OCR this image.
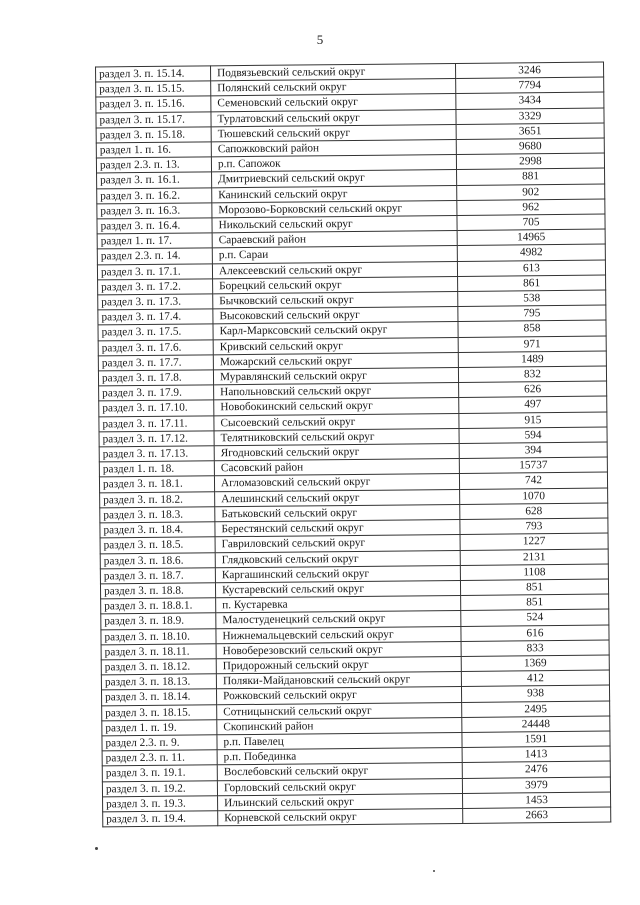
5
раздел 3. п. 15.14.	Подвязьевский сельский округ	3246
раздел 3. п. 15.15.	Полянский сельский округ	7794
раздел 3. п. 15.16.	Семеновский сельский округ	3434
раздел 3. п. 15.17.	Турлатовский сельский округ	3329
раздел 3. п. 15.18.	Тюшевский сельский округ	3651
раздел 1. п. 16.	Сапожковский район	9680
раздел 2.3. п. 13.	р.п. Сапожок	2998
раздел 3. п. 16.1.	Дмитриевский сельский округ	881
раздел 3. п. 16.2.	Канинский сельский округ	902
раздел 3. п. 16.3.	Морозово-Борковский сельский округ	962
раздел 3. п. 16.4.	Никольский сельский округ	705
раздел 1. п. 17.	Сараевский район	14965
раздел 2.3. п. 14.	р.п. Сараи	4982
раздел 3. п. 17.1.	Алексеевский сельский округ	613
раздел 3. п. 17.2.	Борецкий сельский округ	861
раздел 3. п. 17.3.	Бычковский сельский округ	538
раздел 3. п. 17.4.	Высоковский сельский округ	795
раздел 3. п. 17.5.	Карл-Марксовский сельский округ	858
раздел 3. п. 17.6.	Кривский сельский округ	971
раздел 3. п. 17.7.	Можарский сельский округ	1489
раздел 3. п. 17.8.	Муравлянский сельский округ	832
раздел 3. п. 17.9.	Напольновский сельский округ	626
раздел 3. п. 17.10.	Новобокинский сельский округ	497
раздел 3. п. 17.11.	Сысоевский сельский округ	915
раздел 3. п. 17.12.	Телятниковский сельский округ	594
раздел 3. п. 17.13.	Ягодновский сельский округ	394
раздел 1. п. 18.	Сасовский район	15737
раздел 3. п. 18.1.	Агломазовский сельский округ	742
раздел 3. п. 18.2.	Алешинский сельский округ	1070
раздел 3. п. 18.3.	Батьковский сельский округ	628
раздел 3. п. 18.4.	Берестянский сельский округ	793
раздел 3. п. 18.5.	Гавриловский сельский округ	1227
раздел 3. п. 18.6.	Глядковский сельский округ	2131
раздел 3. п. 18.7.	Каргашинский сельский округ	1108
раздел 3. п. 18.8.	Кустаревский сельский округ	851
раздел 3. п. 18.8.1.	п. Кустаревка	851
раздел 3. п. 18.9.	Малостуденецкий сельский округ	524
раздел 3. п. 18.10.	Нижнемальцевский сельский округ	616
раздел 3. п. 18.11.	Новоберезовский сельский округ	833
раздел 3. п. 18.12.	Придорожный сельский округ	1369
раздел 3. п. 18.13.	Поляки-Майдановский сельский округ	412
раздел 3. п. 18.14.	Рожковский сельский округ	938
раздел 3. п. 18.15.	Сотницынский сельский округ	2495
раздел 1. п. 19.	Скопинский район	24448
раздел 2.3. п. 9.	р.п. Павелец	1591
раздел 2.3. п. 11.	р.п. Побединка	1413
раздел 3. п. 19.1.	Вослебовский сельский округ	2476
раздел 3. п. 19.2.	Горловский сельский округ	3979
раздел 3. п. 19.3.	Ильинский сельский округ	1453
раздел 3. п. 19.4.	Корневской сельский округ	2663
